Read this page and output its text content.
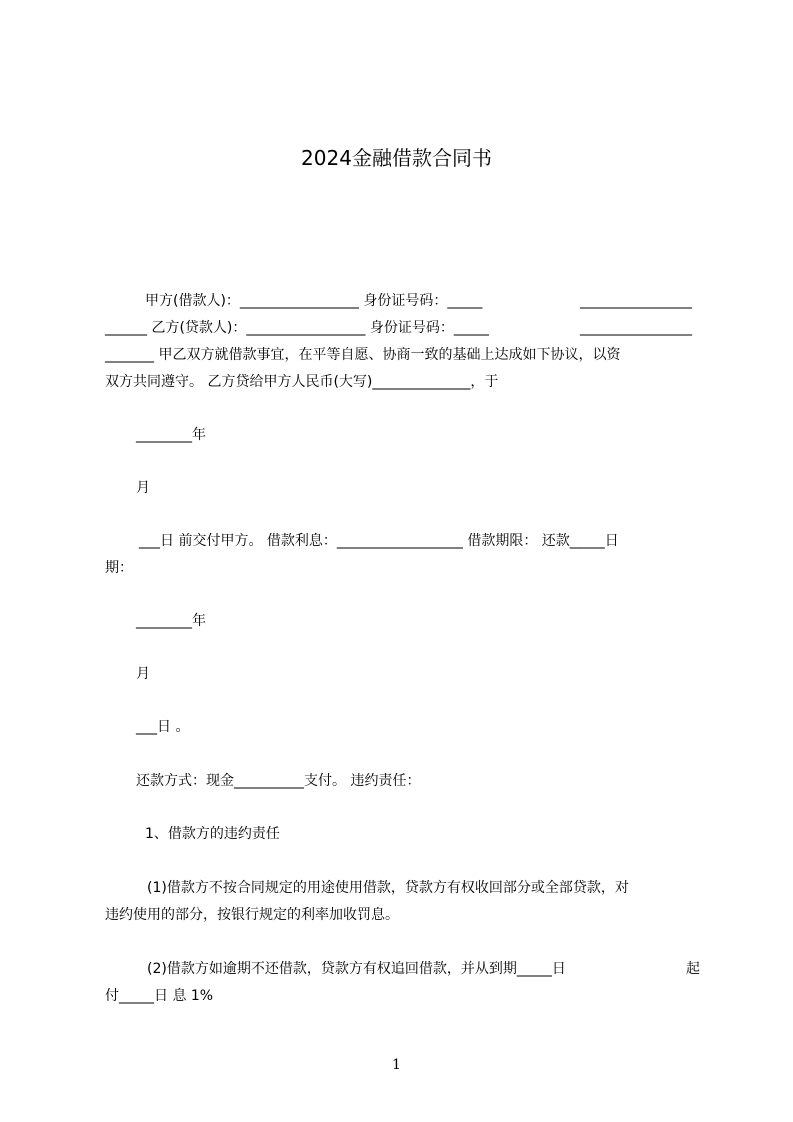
2024金融借款合同书
甲方(借款人)：_________________ 身份证号码：_____	________________
______ 乙方(贷款人)：_________________ 身份证号码：_____	________________
_______ 甲乙双方就借款事宜，在平等自愿、协商一致的基础上达成如下协议，以资
双方共同遵守。 乙方贷给甲方人民币(大写)______________，于
________年
月
___日 前交付甲方。 借款利息：__________________ 借款期限： 还款_____日
期：
________年
月
___日 。
还款方式：现金__________支付。 违约责任：
1、借款方的违约责任
(1)借款方不按合同规定的用途使用借款，贷款方有权收回部分或全部贷款，对
违约使用的部分，按银行规定的利率加收罚息。
(2)借款方如逾期不还借款，贷款方有权追回借款，并从到期_____日	起
付_____日 息 1%
1
